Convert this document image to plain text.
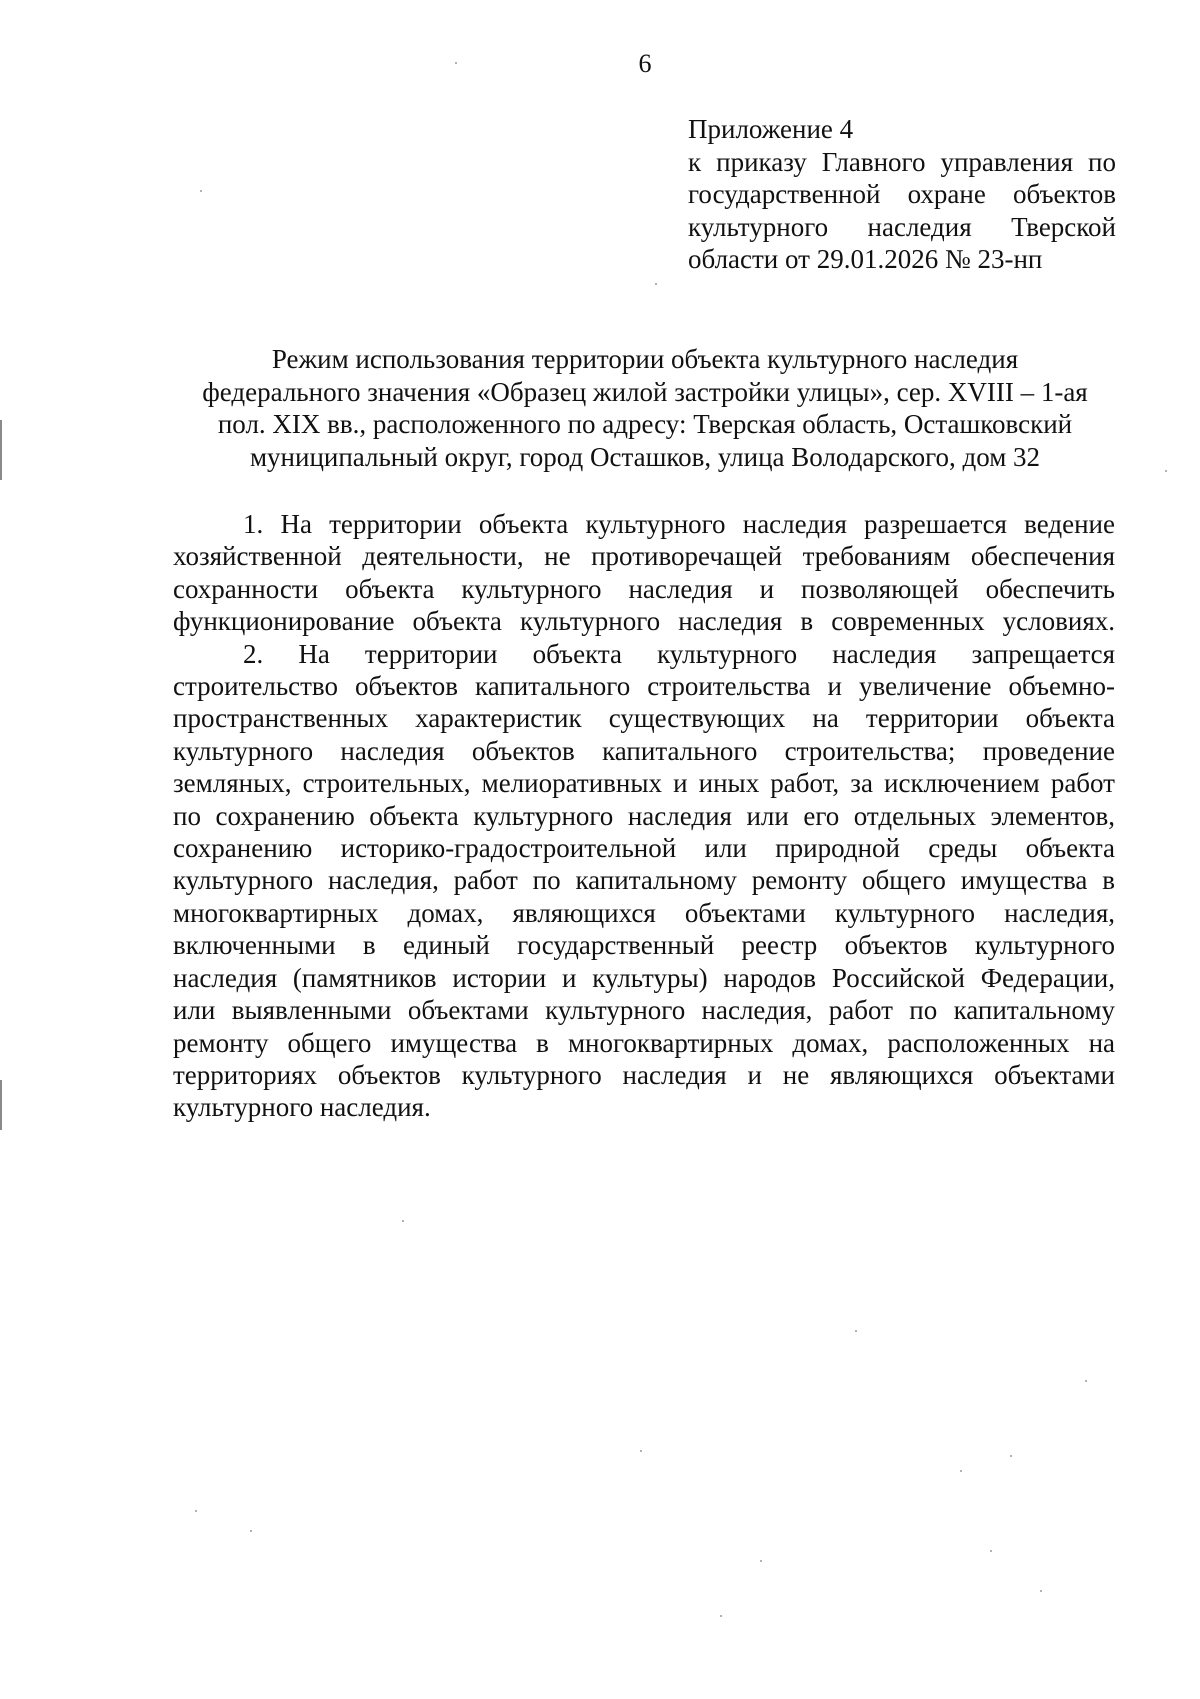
6
Приложение 4
к приказу Главного управления по
государственной охране объектов
культурного наследия Тверской
области от 29.01.2026 № 23-нп
Режим использования территории объекта культурного наследия
федерального значения «Образец жилой застройки улицы», сер. XVIII – 1-ая
пол. XIX вв., расположенного по адресу: Тверская область, Осташковский
муниципальный округ, город Осташков, улица Володарского, дом 32
1. На территории объекта культурного наследия разрешается ведение
хозяйственной деятельности, не противоречащей требованиям обеспечения
сохранности объекта культурного наследия и позволяющей обеспечить
функционирование объекта культурного наследия в современных условиях.
2. На территории объекта культурного наследия запрещается
строительство объектов капитального строительства и увеличение объемно-
пространственных характеристик существующих на территории объекта
культурного наследия объектов капитального строительства; проведение
земляных, строительных, мелиоративных и иных работ, за исключением работ
по сохранению объекта культурного наследия или его отдельных элементов,
сохранению историко-градостроительной или природной среды объекта
культурного наследия, работ по капитальному ремонту общего имущества в
многоквартирных домах, являющихся объектами культурного наследия,
включенными в единый государственный реестр объектов культурного
наследия (памятников истории и культуры) народов Российской Федерации,
или выявленными объектами культурного наследия, работ по капитальному
ремонту общего имущества в многоквартирных домах, расположенных на
территориях объектов культурного наследия и не являющихся объектами
культурного наследия.
